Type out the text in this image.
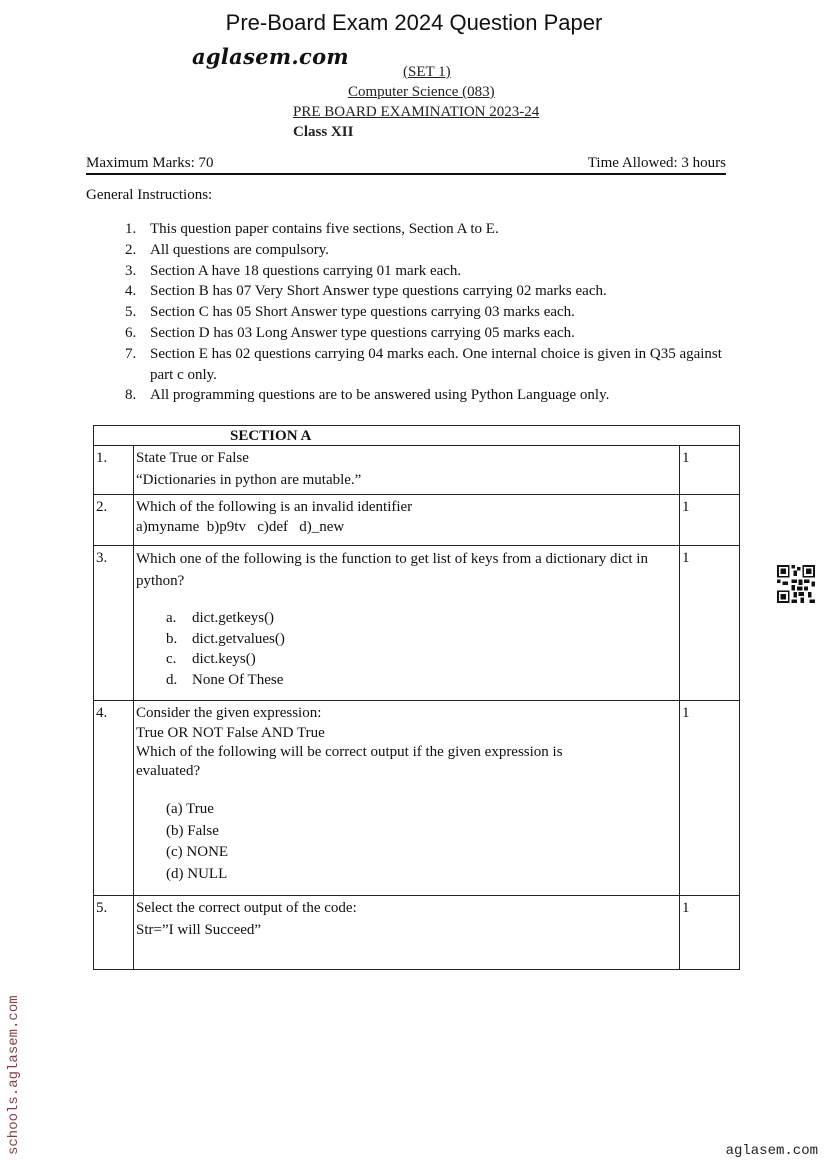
Pre-Board Exam 2024 Question Paper
aglasem.com
(SET 1)
Computer Science (083)
PRE BOARD EXAMINATION 2023-24
Class XII
Maximum Marks: 70	Time Allowed: 3 hours
General Instructions:
1. This question paper contains five sections, Section A to E.
2. All questions are compulsory.
3. Section A have 18 questions carrying 01 mark each.
4. Section B has 07 Very Short Answer type questions carrying 02 marks each.
5. Section C has 05 Short Answer type questions carrying 03 marks each.
6. Section D has 03 Long Answer type questions carrying 05 marks each.
7. Section E has 02 questions carrying 04 marks each. One internal choice is given in Q35 against part c only.
8. All programming questions are to be answered using Python Language only.
SECTION A		
1.	State True or False
“Dictionaries in python are mutable.”	1
2.	Which of the following is an invalid identifier
a)myname  b)p9tv   c)def   d)_new	1
3.	Which one of the following is the function to get list of keys from a dictionary dict in python?
a. dict.getkeys()
b. dict.getvalues()
c. dict.keys()
d. None Of These
	1
4.	Consider the given expression:
True OR NOT False AND True
Which of the following will be correct output if the given expression is evaluated?
(a) True
(b) False
(c) NONE
(d) NULL
	1
5.	Select the correct output of the code:
Str=”I will Succeed”	1
schools.aglasem.com	aglasem.com
